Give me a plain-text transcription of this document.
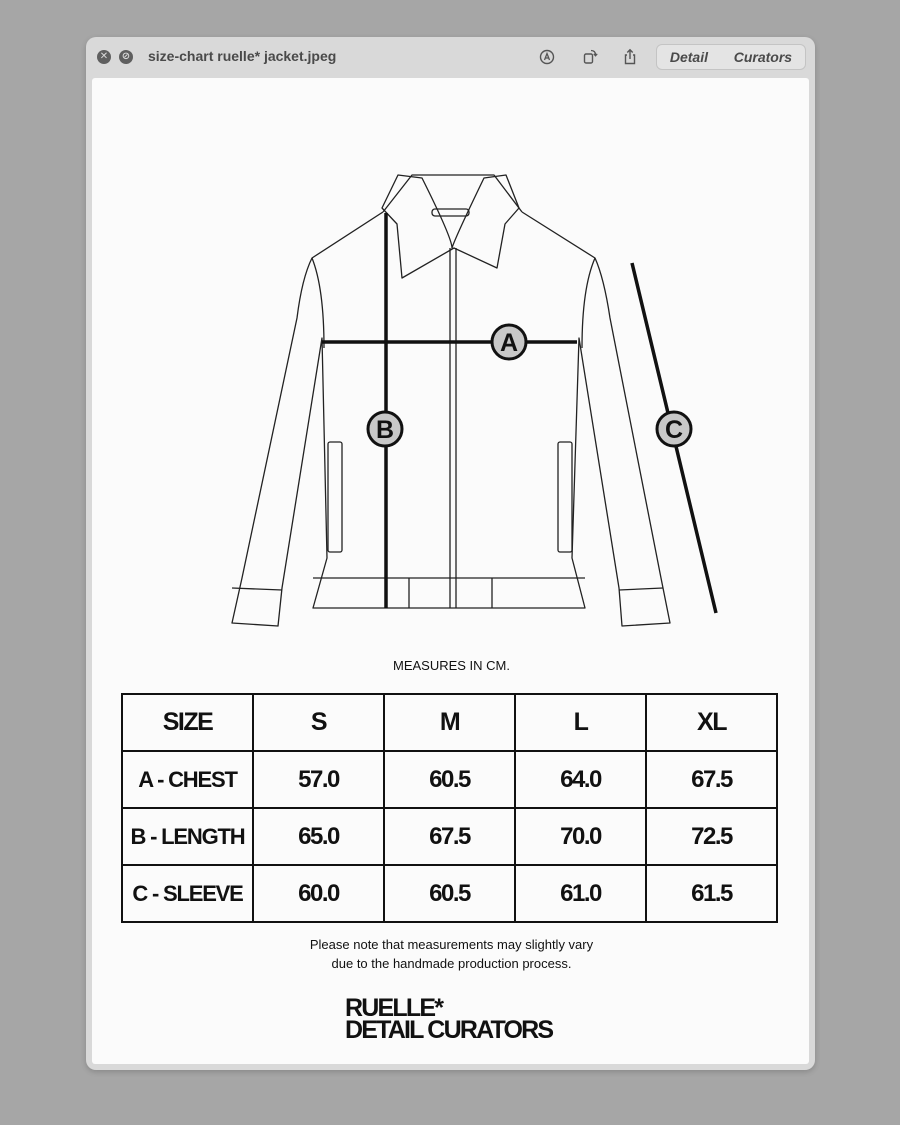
✕ ⊘ size-chart ruelle* jacket.jpeg	Detail Curators
A
B	C
MEASURES IN CM.
SIZE	S	M	L	XL
A - CHEST	57.0	60.5	64.0	67.5
B - LENGTH	65.0	67.5	70.0	72.5
C - SLEEVE	60.0	60.5	61.0	61.5
Please note that measurements may slightly vary
due to the handmade production process.
RUELLE*
DETAIL CURATORS
